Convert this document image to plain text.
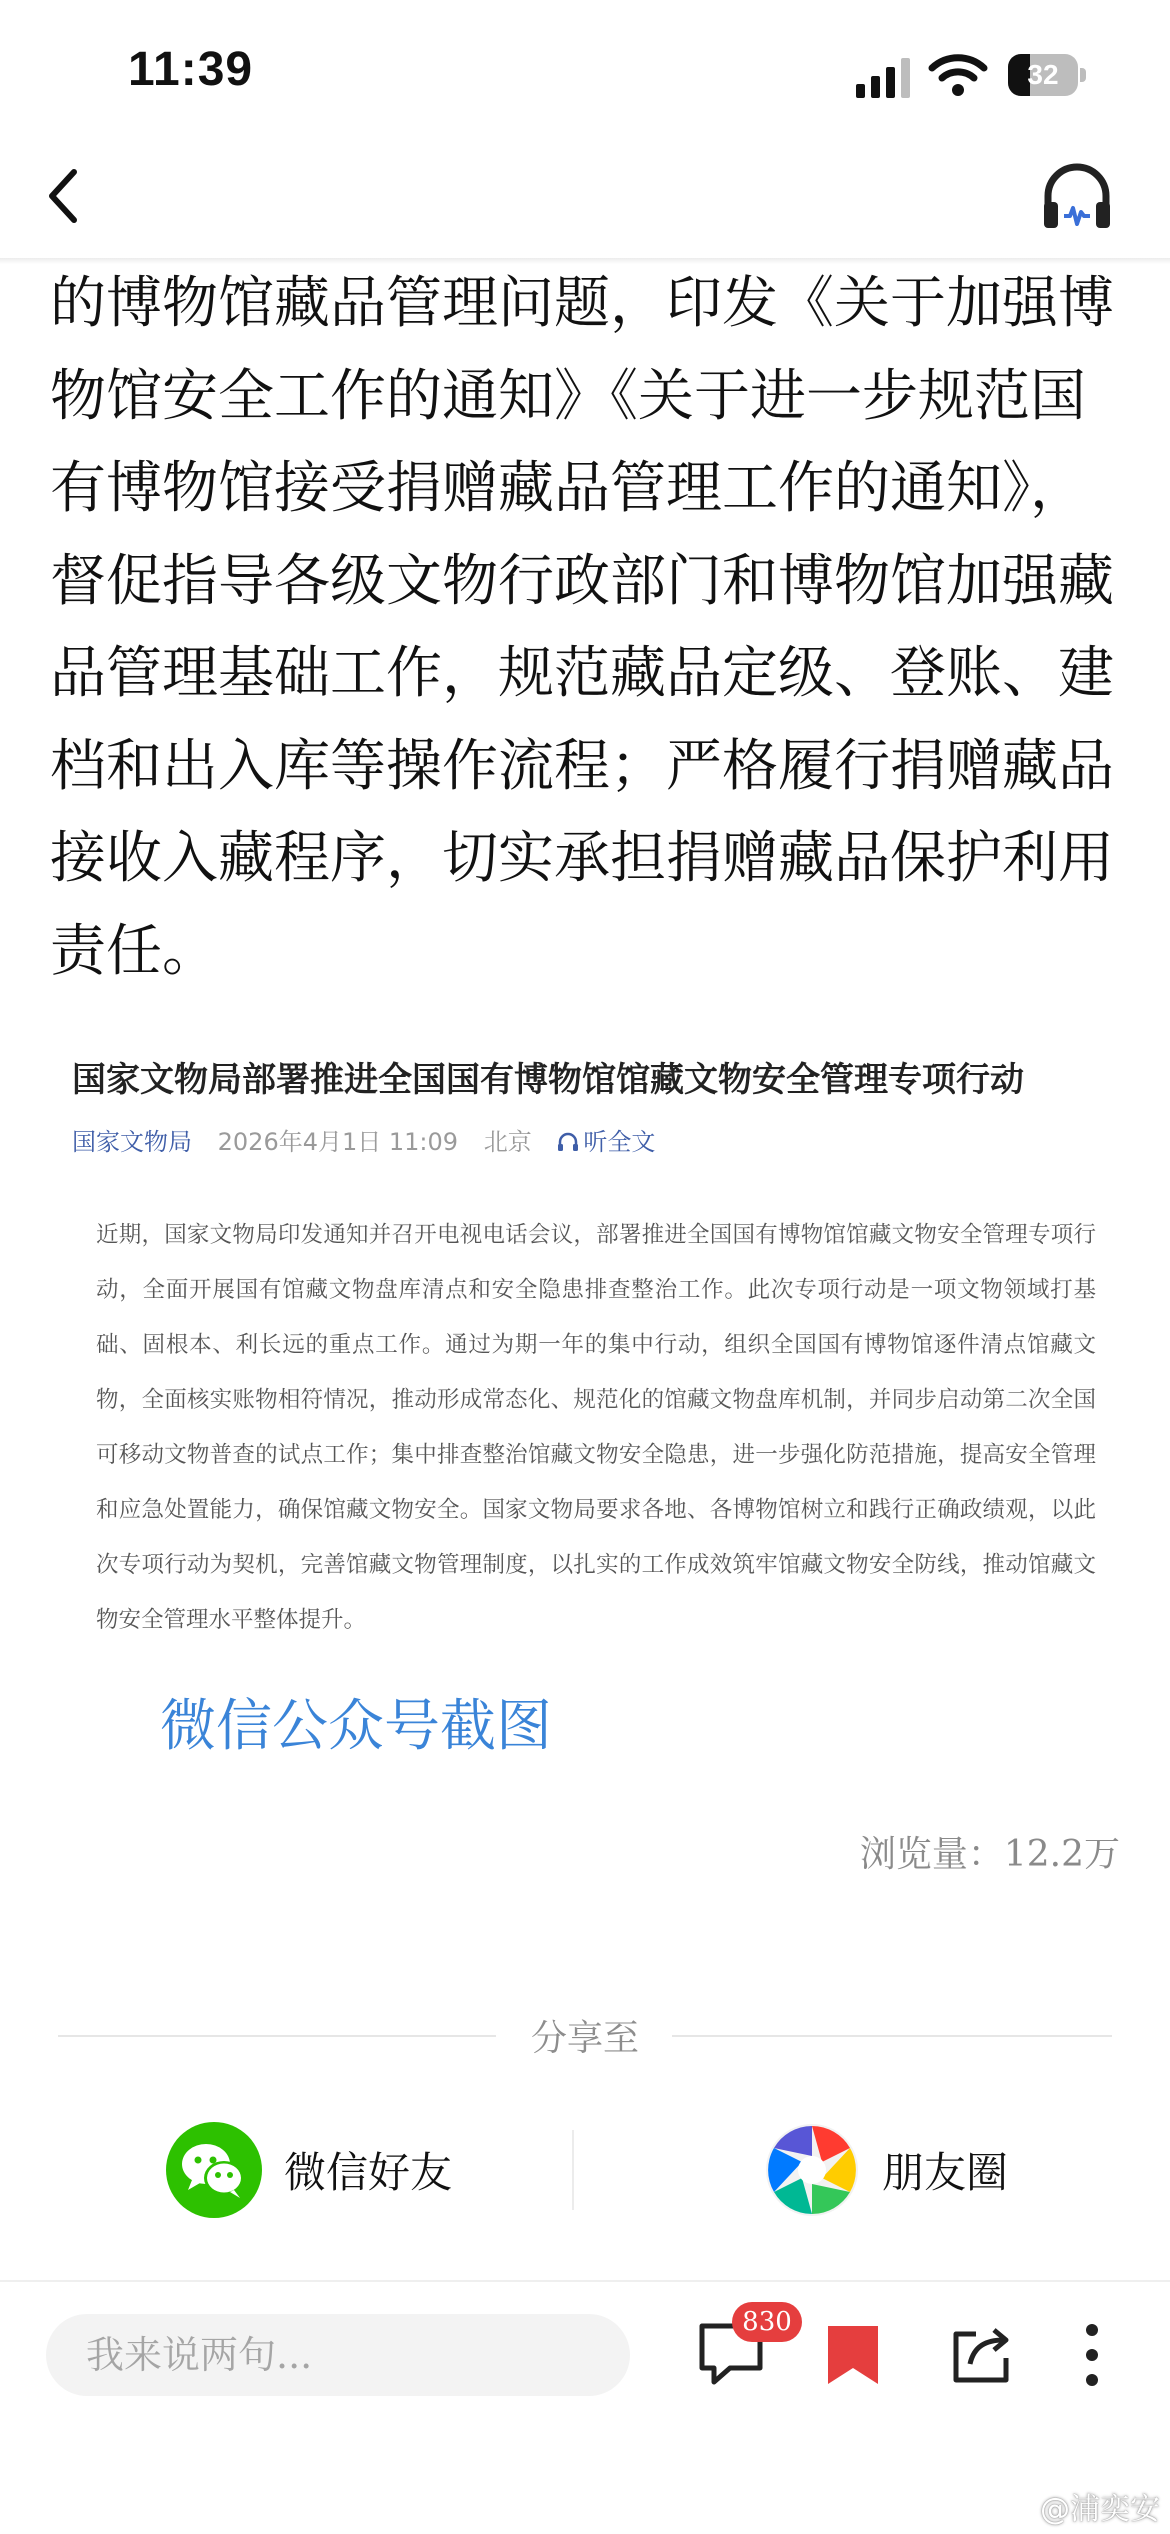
11:39	32

的博物馆藏品管理问题，印发《关于加强博物馆安全工作的通知》《关于进一步规范国有博物馆接受捐赠藏品管理工作的通知》，督促指导各级文物行政部门和博物馆加强藏品管理基础工作，规范藏品定级、登账、建档和出入库等操作流程；严格履行捐赠藏品接收入藏程序，切实承担捐赠藏品保护利用责任。

国家文物局部署推进全国国有博物馆馆藏文物安全管理专项行动
国家文物局 2026年4月1日 11:09 北京 听全文

近期，国家文物局印发通知并召开电视电话会议，部署推进全国国有博物馆馆藏文物安全管理专项行动，全面开展国有馆藏文物盘库清点和安全隐患排查整治工作。此次专项行动是一项文物领域打基础、固根本、利长远的重点工作。通过为期一年的集中行动，组织全国国有博物馆逐件清点馆藏文物，全面核实账物相符情况，推动形成常态化、规范化的馆藏文物盘库机制，并同步启动第二次全国可移动文物普查的试点工作；集中排查整治馆藏文物安全隐患，进一步强化防范措施，提高安全管理和应急处置能力，确保馆藏文物安全。国家文物局要求各地、各博物馆树立和践行正确政绩观，以此次专项行动为契机，完善馆藏文物管理制度，以扎实的工作成效筑牢馆藏文物安全防线，推动馆藏文物安全管理水平整体提升。

微信公众号截图
浏览量：12.2万
分享至
微信好友	朋友圈
我来说两句...
830
@浦奕安
